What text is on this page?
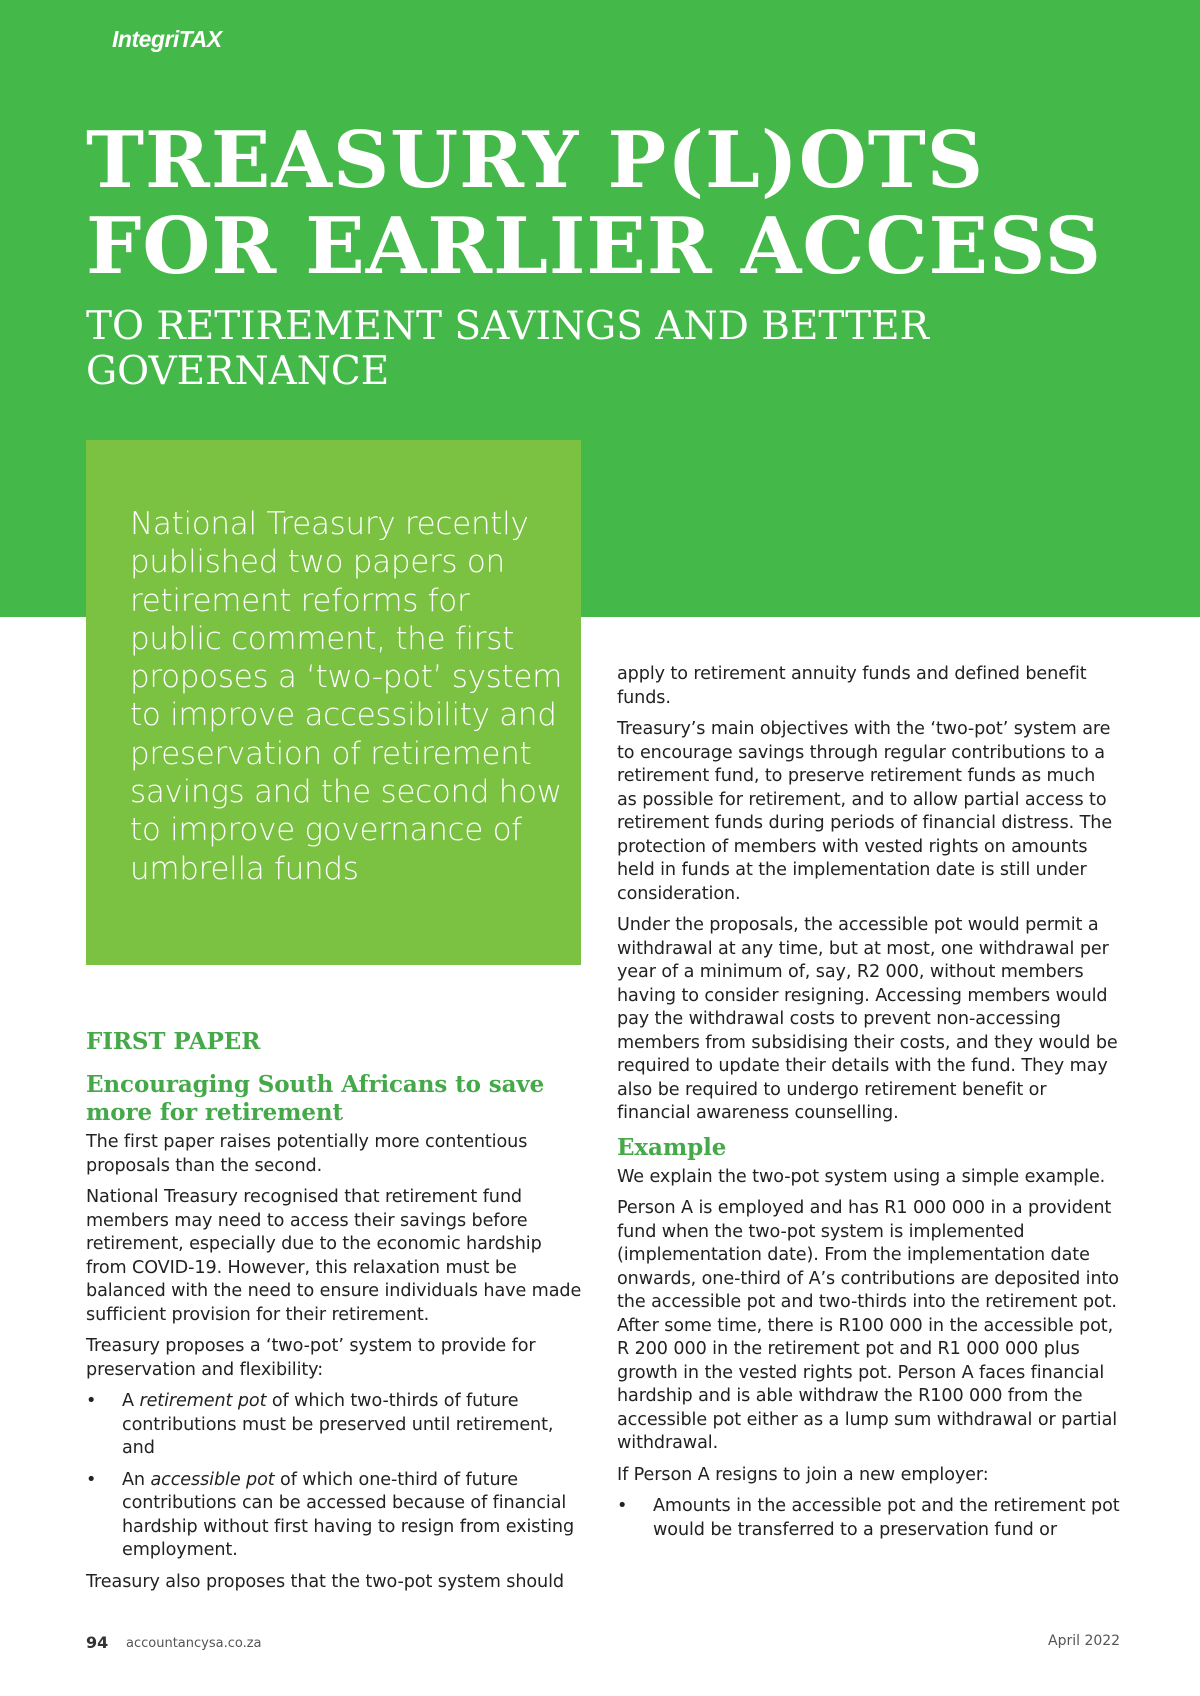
IntegriTAX
TREASURY P(L)OTS
FOR EARLIER ACCESS
TO RETIREMENT SAVINGS AND BETTER GOVERNANCE
National Treasury recently published two papers on retirement reforms for public comment, the first proposes a ‘two-pot’ system to improve accessibility and preservation of retirement savings and the second how to improve governance of umbrella funds
FIRST PAPER
Encouraging South Africans to save more for retirement

The first paper raises potentially more contentious proposals than the second.

National Treasury recognised that retirement fund members may need to access their savings before retirement, especially due to the economic hardship from COVID-19. However, this relaxation must be balanced with the need to ensure individuals have made sufficient provision for their retirement.

Treasury proposes a ‘two-pot’ system to provide for preservation and flexibility:

• A retirement pot of which two-thirds of future contributions must be preserved until retirement, and
• An accessible pot of which one-third of future contributions can be accessed because of financial hardship without first having to resign from existing employment.

Treasury also proposes that the two-pot system should

apply to retirement annuity funds and defined benefit funds.

Treasury’s main objectives with the ‘two-pot’ system are to encourage savings through regular contributions to a retirement fund, to preserve retirement funds as much as possible for retirement, and to allow partial access to retirement funds during periods of financial distress. The protection of members with vested rights on amounts held in funds at the implementation date is still under consideration.

Under the proposals, the accessible pot would permit a withdrawal at any time, but at most, one withdrawal per year of a minimum of, say, R2 000, without members having to consider resigning. Accessing members would pay the withdrawal costs to prevent non-accessing members from subsidising their costs, and they would be required to update their details with the fund. They may also be required to undergo retirement benefit or financial awareness counselling.

Example

We explain the two-pot system using a simple example.

Person A is employed and has R1 000 000 in a provident fund when the two-pot system is implemented (implementation date). From the implementation date onwards, one-third of A’s contributions are deposited into the accessible pot and two-thirds into the retirement pot. After some time, there is R100 000 in the accessible pot, R 200 000 in the retirement pot and R1 000 000 plus growth in the vested rights pot. Person A faces financial hardship and is able withdraw the R100 000 from the accessible pot either as a lump sum withdrawal or partial withdrawal.

If Person A resigns to join a new employer:

• Amounts in the accessible pot and the retirement pot would be transferred to a preservation fund or
94 accountancysa.co.za	April 2022
